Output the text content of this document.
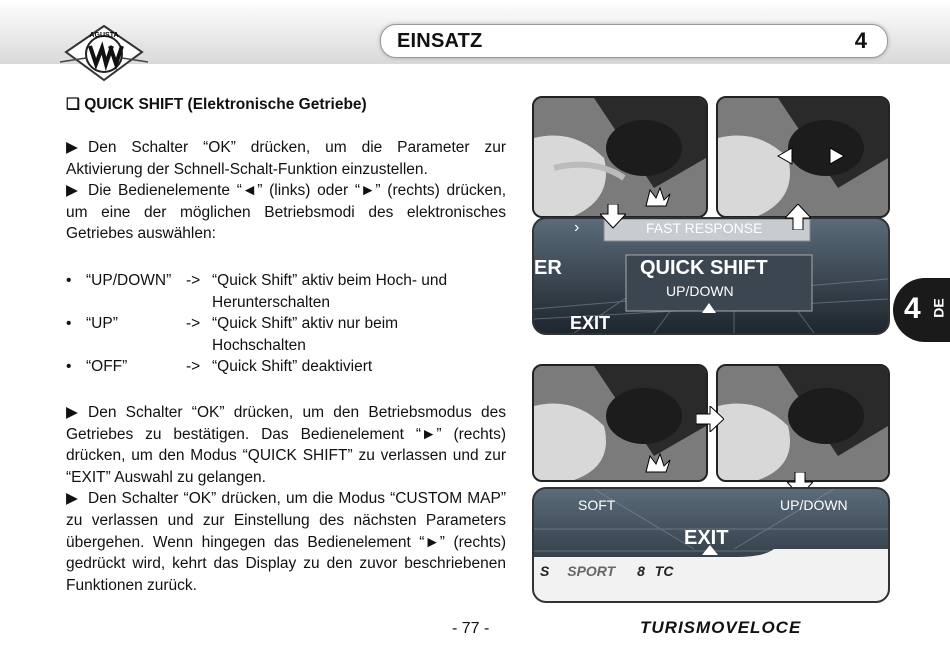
AGUSTA	EINSATZ	4
❑ QUICK SHIFT (Elektronische Getriebe)

▶ Den Schalter “OK” drücken, um die Parameter zur Aktivierung der Schnell-Schalt-Funktion einzustellen.

▶ Die Bedienelemente “◄” (links) oder “►” (rechts) drücken, um eine der möglichen Betriebsmodi des elektronisches Getriebes auswählen:

• “UP/DOWN” -> “Quick Shift” aktiv beim Hoch- und
Herunterschalten
• “UP”	-> “Quick Shift” aktiv nur beim
Hochschalten
• “OFF”	-> “Quick Shift” deaktiviert

▶ Den Schalter “OK” drücken, um den Betriebsmodus des Getriebes zu bestätigen. Das Bedienelement “►” (rechts) drücken, um den Modus “QUICK SHIFT” zu verlassen und zur “EXIT” Auswahl zu gelangen.

▶ Den Schalter “OK” drücken, um die Modus “CUSTOM MAP” zu verlassen und zur Einstellung des nächsten Parameters übergehen. Wenn hingegen das Bedienelement “►” (rechts) gedrückt wird, kehrt das Display zu den zuvor beschriebenen Funktionen zurück.

›	FAST RESPONSE
ER	QUICK SHIFT
UP/DOWN
EXIT
SOFT	UP/DOWN
EXIT
S SPORT 8 TC
4 DE
- 77 -	TURISMOVELOCE
